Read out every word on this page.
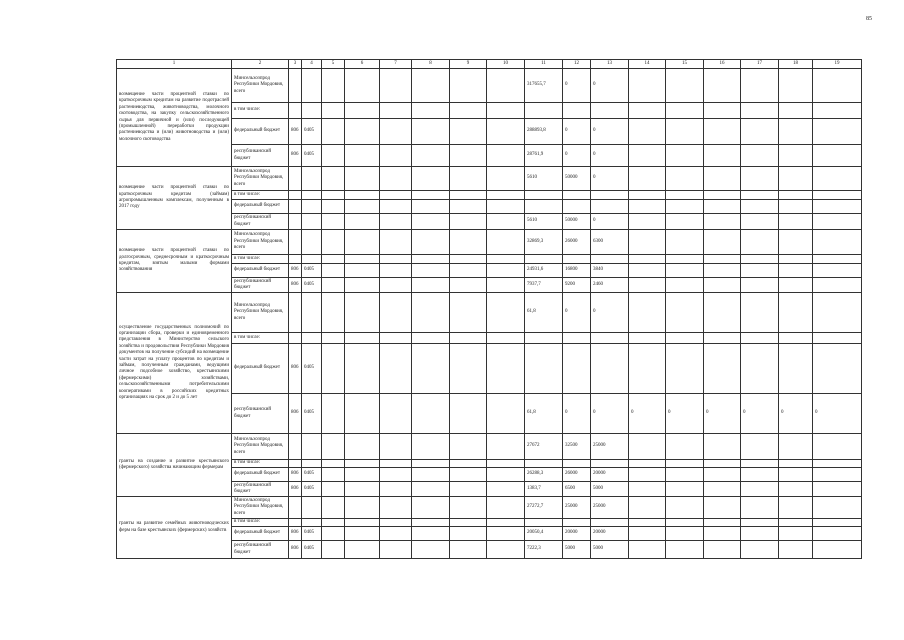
85
1	2	3	4	5	6	7	8	9	10	11	12	13	14	15	16	17	18	19
возмещение части процентной ставки по краткосрочным кредитам на развитие подотраслей растениеводства, животноводства, молочного скотоводства, на закупку сельскохозяйственного сырья для первичной и (или) последующей (промышленной) переработки продукции растениеводства и (или) животноводства и (или) молочного скотоводства	Минсельхозпрод Республики Мордовия, всего									317655,7	0	0						
	в том числе:																	
	федеральный бюджет	806	0405							288893,8	0	0						
	республиканский бюджет	806	0405							28761,9	0	0						
возмещение части процентной ставки по краткосрочным кредитам (займам) агропромышленным комплексам, полученным в 2017 году	Минсельхозпрод Республики Мордовия, всего									5610	50000	0						
	в том числе:																	
	федеральный бюджет																	
	республиканский бюджет									5610	50000	0						
возмещение части процентной ставки по долгосрочным, среднесрочным и краткосрочным кредитам, взятым малыми формами хозяйствования	Минсельхозпрод Республики Мордовия, всего									32869,3	26000	6300						
	в том числе:																	
	федеральный бюджет	806	0405							24931,6	16800	3840						
	республиканский бюджет	806	0405							7937,7	9200	2460						
осуществление государственных полномочий по организации сбора, проверки и единовременного представления в Министерство сельского хозяйства и продовольствия Республики Мордовия документов на получение субсидий на возмещение части затрат на уплату процентов по кредитам и займам, полученным гражданами, ведущими личное подсобное хозяйство, крестьянскими (фермерскими) хозяйствами, сельскохозяйственными потребительскими кооперативами в российских кредитных организациях на срок до 2 и до 5 лет	Минсельхозпрод Республики Мордовия, всего									61,8	0	0						
	в том числе:																	
	федеральный бюджет	806	0405															
	республиканский бюджет	806	0405							61,8	0	0	0	0	0	0	0	0
гранты на создание и развитие крестьянского (фермерского) хозяйства начинающим фермерам	Минсельхозпрод Республики Мордовия, всего									27672	32500	25000						
	в том числе:																	
	федеральный бюджет	806	0405							26288,3	26000	20000						
	республиканский бюджет	806	0405							1383,7	6500	5000						
гранты на развитие семейных животноводческих ферм на базе крестьянских (фермерских) хозяйств	Минсельхозпрод Республики Мордовия, всего									27272,7	25000	25000						
	в том числе:																	
	федеральный бюджет	806	0405							20050,4	20000	20000						
	республиканский бюджет	806	0405							7222,3	5000	5000						
